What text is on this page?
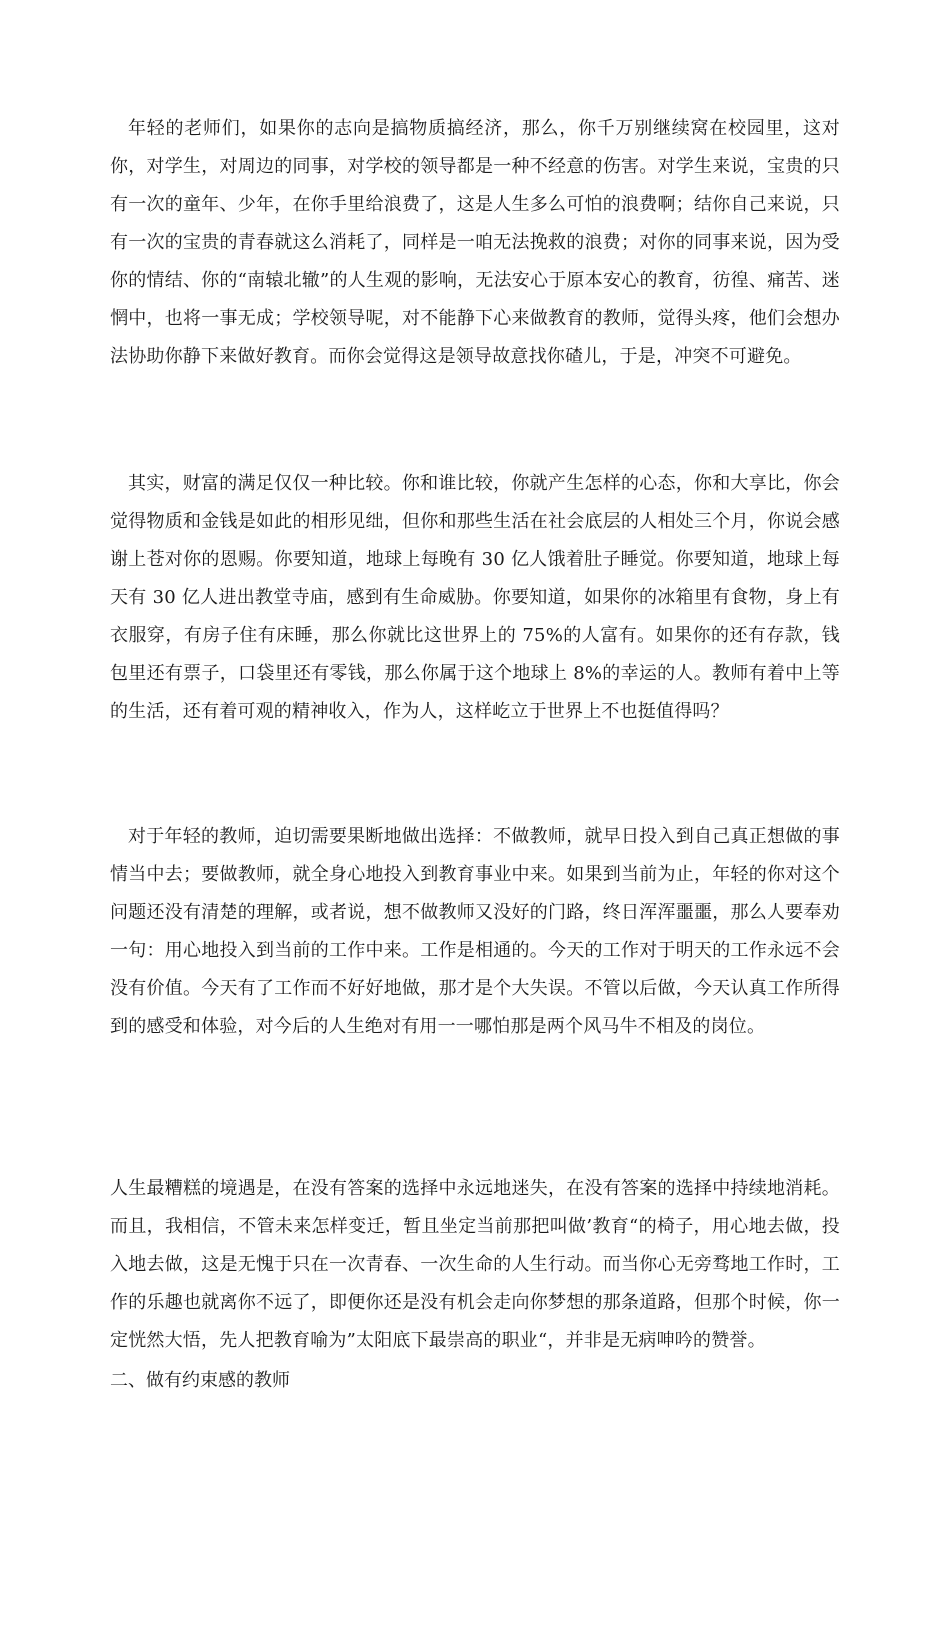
年轻的老师们，如果你的志向是搞物质搞经济，那么，你千万别继续窝在校园里，这对你，对学生，对周边的同事，对学校的领导都是一种不经意的伤害。对学生来说，宝贵的只有一次的童年、少年，在你手里给浪费了，这是人生多么可怕的浪费啊；结你自己来说，只有一次的宝贵的青春就这么消耗了，同样是一咱无法挽救的浪费；对你的同事来说，因为受你的情结、你的“南辕北辙”的人生观的影响，无法安心于原本安心的教育，彷徨、痛苦、迷惘中，也将一事无成；学校领导呢，对不能静下心来做教育的教师，觉得头疼，他们会想办法协助你静下来做好教育。而你会觉得这是领导故意找你碴儿，于是，冲突不可避免。

其实，财富的满足仅仅一种比较。你和谁比较，你就产生怎样的心态，你和大享比，你会觉得物质和金钱是如此的相形见绌，但你和那些生活在社会底层的人相处三个月，你说会感谢上苍对你的恩赐。你要知道，地球上每晚有 30 亿人饿着肚子睡觉。你要知道，地球上每天有 30 亿人进出教堂寺庙，感到有生命威胁。你要知道，如果你的冰箱里有食物，身上有衣服穿，有房子住有床睡，那么你就比这世界上的 75%的人富有。如果你的还有存款，钱包里还有票子，口袋里还有零钱，那么你属于这个地球上 8%的幸运的人。教师有着中上等的生活，还有着可观的精神收入，作为人，这样屹立于世界上不也挺值得吗？

对于年轻的教师，迫切需要果断地做出选择：不做教师，就早日投入到自己真正想做的事情当中去；要做教师，就全身心地投入到教育事业中来。如果到当前为止，年轻的你对这个问题还没有清楚的理解，或者说，想不做教师又没好的门路，终日浑浑噩噩，那么人要奉劝一句：用心地投入到当前的工作中来。工作是相通的。今天的工作对于明天的工作永远不会没有价值。今天有了工作而不好好地做，那才是个大失误。不管以后做，今天认真工作所得到的感受和体验，对今后的人生绝对有用一一哪怕那是两个风马牛不相及的岗位。

人生最糟糕的境遇是，在没有答案的选择中永远地迷失，在没有答案的选择中持续地消耗。而且，我相信，不管未来怎样变迁，暂且坐定当前那把叫做’教育“的椅子，用心地去做，投入地去做，这是无愧于只在一次青春、一次生命的人生行动。而当你心无旁骛地工作时，工作的乐趣也就离你不远了，即便你还是没有机会走向你梦想的那条道路，但那个时候，你一定恍然大悟，先人把教育喻为”太阳底下最崇高的职业“，并非是无病呻吟的赞誉。

二、做有约束感的教师
